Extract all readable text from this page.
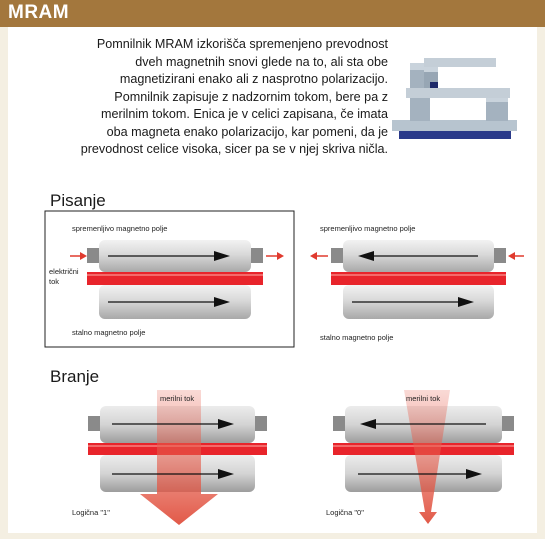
MRAM
Pomnilnik MRAM izkorišča spremenjeno prevodnost
dveh magnetnih snovi glede na to, ali sta obe
magnetizirani enako ali z nasprotno polarizacijo.
Pomnilnik zapisuje z nadzornim tokom, bere pa z
merilnim tokom. Enica je v celici zapisana, če imata
oba magneta enako polarizacijo, kar pomeni, da je
prevodnost celice visoka, sicer pa se v njej skriva ničla.
Pisanje
Branje
spremenljivo magnetno polje
električni
tok
stalno magnetno polje
spremenljivo magnetno polje
stalno magnetno polje
merilni tok	merilni tok
Logična "1"	Logična "0"
